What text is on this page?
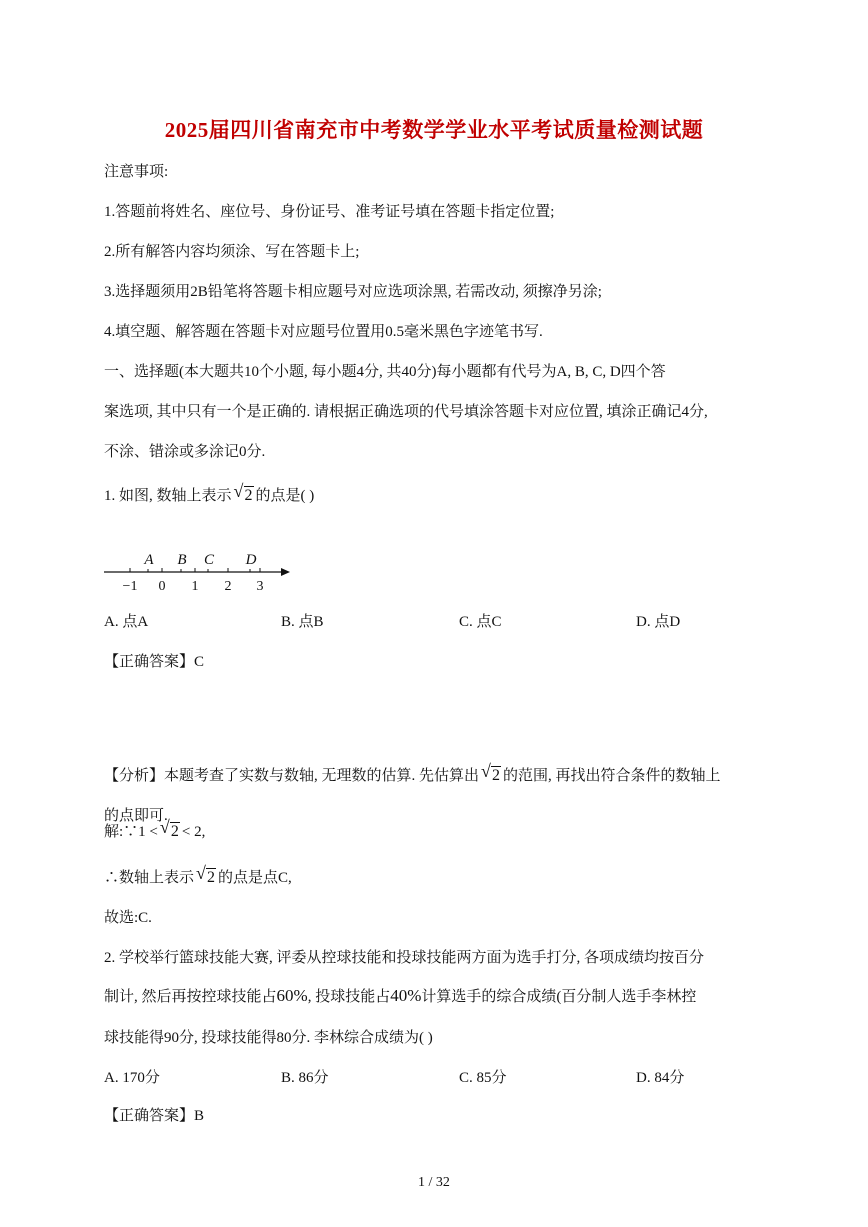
2025届四川省南充市中考数学学业水平考试质量检测试题
注意事项:
1.答题前将姓名、座位号、身份证号、准考证号填在答题卡指定位置;
2.所有解答内容均须涂、写在答题卡上;
3.选择题须用2B铅笔将答题卡相应题号对应选项涂黑, 若需改动, 须擦净另涂;
4.填空题、解答题在答题卡对应题号位置用0.5毫米黑色字迹笔书写.
一、选择题(本大题共10个小题, 每小题4分, 共40分)每小题都有代号为A, B, C, D四个答
案选项, 其中只有一个是正确的. 请根据正确选项的代号填涂答题卡对应位置, 填涂正确记4分,
不涂、错涂或多涂记0分.
1. 如图, 数轴上表示 √ 2 的点是( )
−1 0 1 2 3
A B C D
A. 点A	B. 点B	C. 点C	D. 点D
【正确答案】C
【分析】本题考查了实数与数轴, 无理数的估算. 先估算出 √ 2 的范围, 再找出符合条件的数轴上
的点即可.
解:∵1 < √ 2 < 2,
∴数轴上表示 √ 2 的点是点C,
故选:C.
2. 学校举行篮球技能大赛, 评委从控球技能和投球技能两方面为选手打分, 各项成绩均按百分
制计, 然后再按控球技能占60%, 投球技能占40%计算选手的综合成绩(百分制人选手李林控
球技能得90分, 投球技能得80分. 李林综合成绩为( )
A. 170分	B. 86分	C. 85分	D. 84分
【正确答案】B
1 / 32
